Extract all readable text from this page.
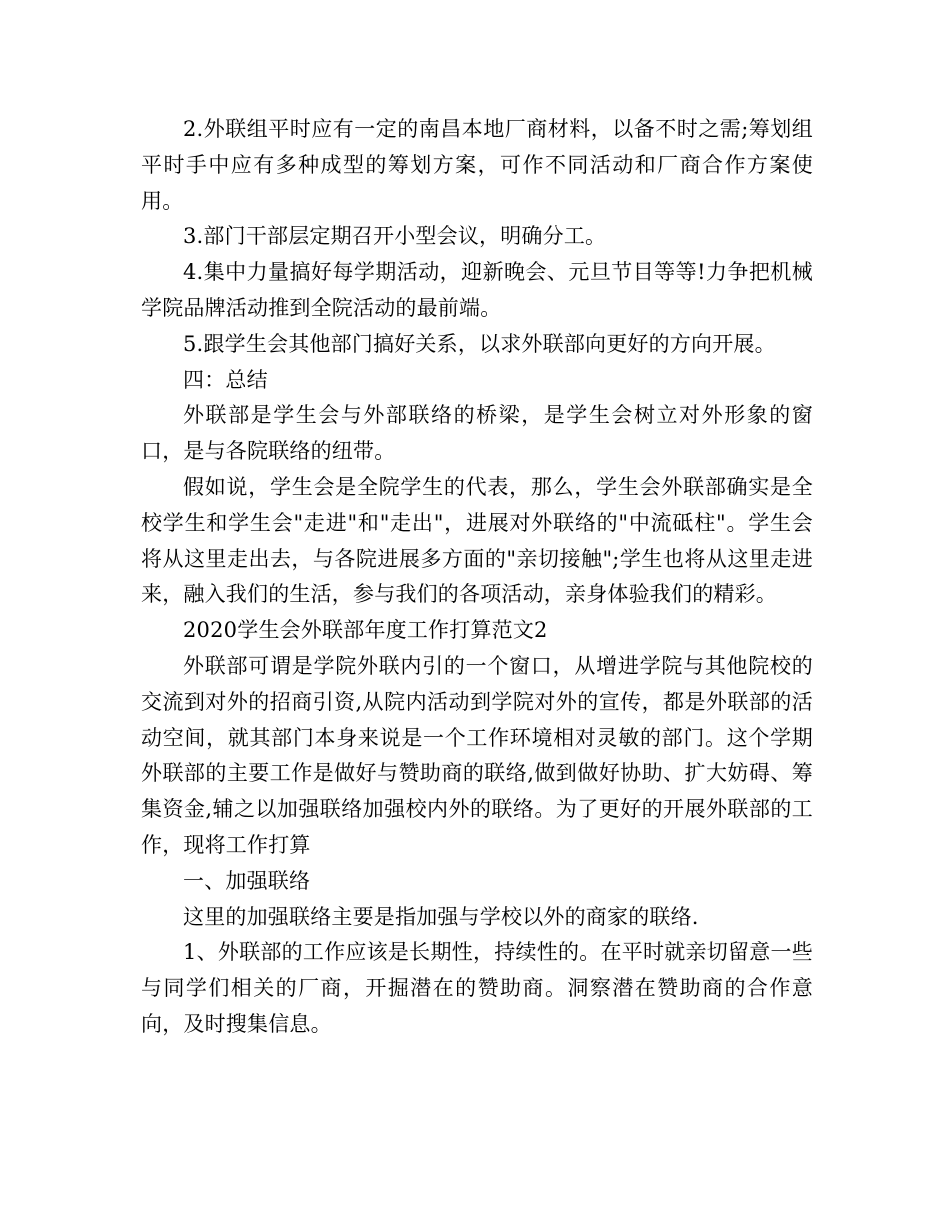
2.外联组平时应有一定的南昌本地厂商材料，以备不时之需;筹划组平时手中应有多种成型的筹划方案，可作不同活动和厂商合作方案使用。

3.部门干部层定期召开小型会议，明确分工。

4.集中力量搞好每学期活动，迎新晚会、元旦节目等等!力争把机械学院品牌活动推到全院活动的最前端。

5.跟学生会其他部门搞好关系，以求外联部向更好的方向开展。

四：总结

外联部是学生会与外部联络的桥梁，是学生会树立对外形象的窗口，是与各院联络的纽带。

假如说，学生会是全院学生的代表，那么，学生会外联部确实是全校学生和学生会"走进"和"走出"，进展对外联络的"中流砥柱"。学生会将从这里走出去，与各院进展多方面的"亲切接触";学生也将从这里走进来，融入我们的生活，参与我们的各项活动，亲身体验我们的精彩。

2020学生会外联部年度工作打算范文2

外联部可谓是学院外联内引的一个窗口，从增进学院与其他院校的交流到对外的招商引资,从院内活动到学院对外的宣传，都是外联部的活动空间，就其部门本身来说是一个工作环境相对灵敏的部门。这个学期外联部的主要工作是做好与赞助商的联络,做到做好协助、扩大妨碍、筹集资金,辅之以加强联络加强校内外的联络。为了更好的开展外联部的工作，现将工作打算

一、加强联络

这里的加强联络主要是指加强与学校以外的商家的联络.

1、外联部的工作应该是长期性，持续性的。在平时就亲切留意一些与同学们相关的厂商，开掘潜在的赞助商。洞察潜在赞助商的合作意向，及时搜集信息。
